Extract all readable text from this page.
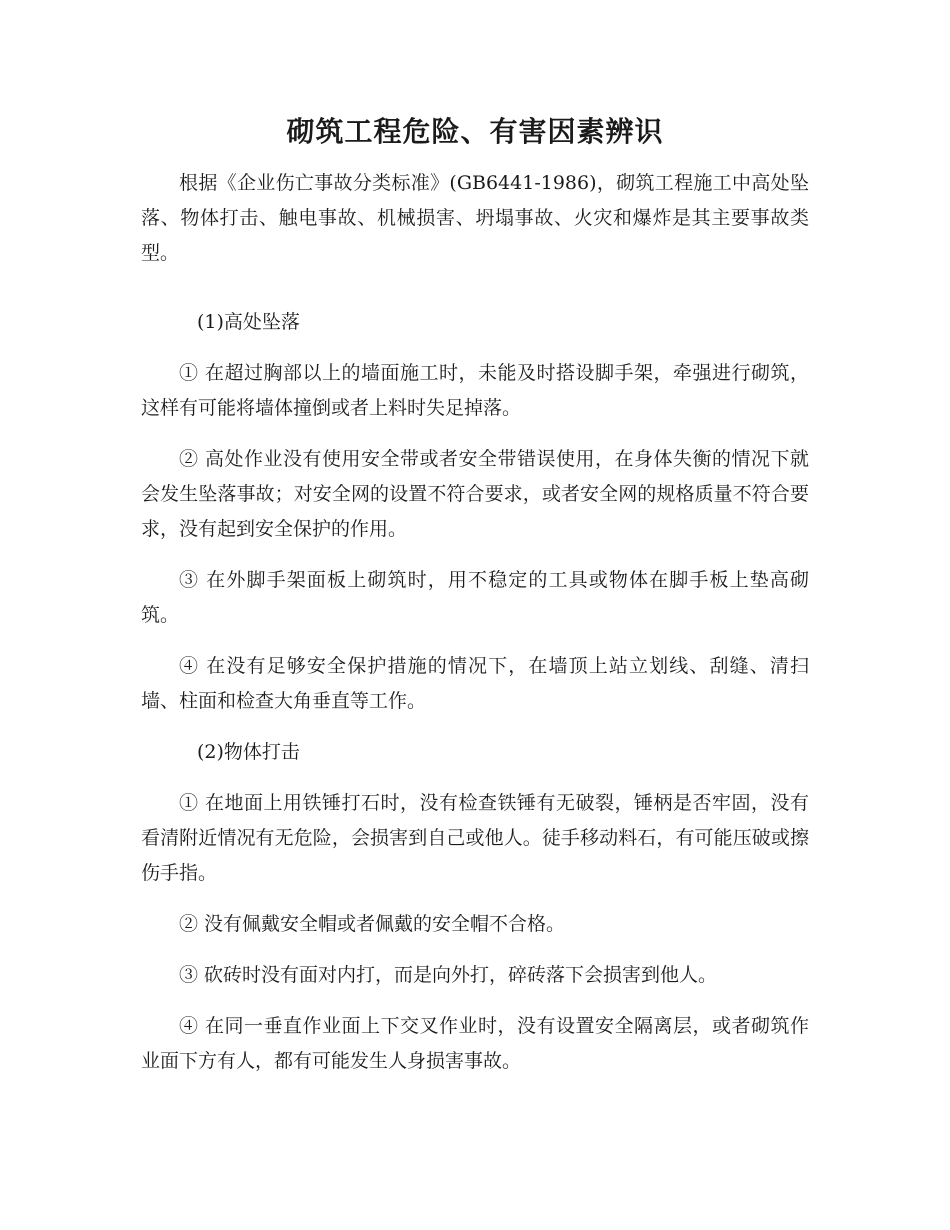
砌筑工程危险、有害因素辨识

根据《企业伤亡事故分类标准》(GB6441-1986)，砌筑工程施工中高处坠落、物体打击、触电事故、机械损害、坍塌事故、火灾和爆炸是其主要事故类型。

(1)高处坠落

① 在超过胸部以上的墙面施工时，未能及时搭设脚手架，牵强进行砌筑，这样有可能将墙体撞倒或者上料时失足掉落。

② 高处作业没有使用安全带或者安全带错误使用，在身体失衡的情况下就会发生坠落事故；对安全网的设置不符合要求，或者安全网的规格质量不符合要求，没有起到安全保护的作用。

③ 在外脚手架面板上砌筑时，用不稳定的工具或物体在脚手板上垫高砌筑。

④ 在没有足够安全保护措施的情况下，在墙顶上站立划线、刮缝、清扫墙、柱面和检查大角垂直等工作。

(2)物体打击

① 在地面上用铁锤打石时，没有检查铁锤有无破裂，锤柄是否牢固，没有看清附近情况有无危险，会损害到自己或他人。徒手移动料石，有可能压破或擦伤手指。

② 没有佩戴安全帽或者佩戴的安全帽不合格。

③ 砍砖时没有面对内打，而是向外打，碎砖落下会损害到他人。

④ 在同一垂直作业面上下交叉作业时，没有设置安全隔离层，或者砌筑作业面下方有人，都有可能发生人身损害事故。
